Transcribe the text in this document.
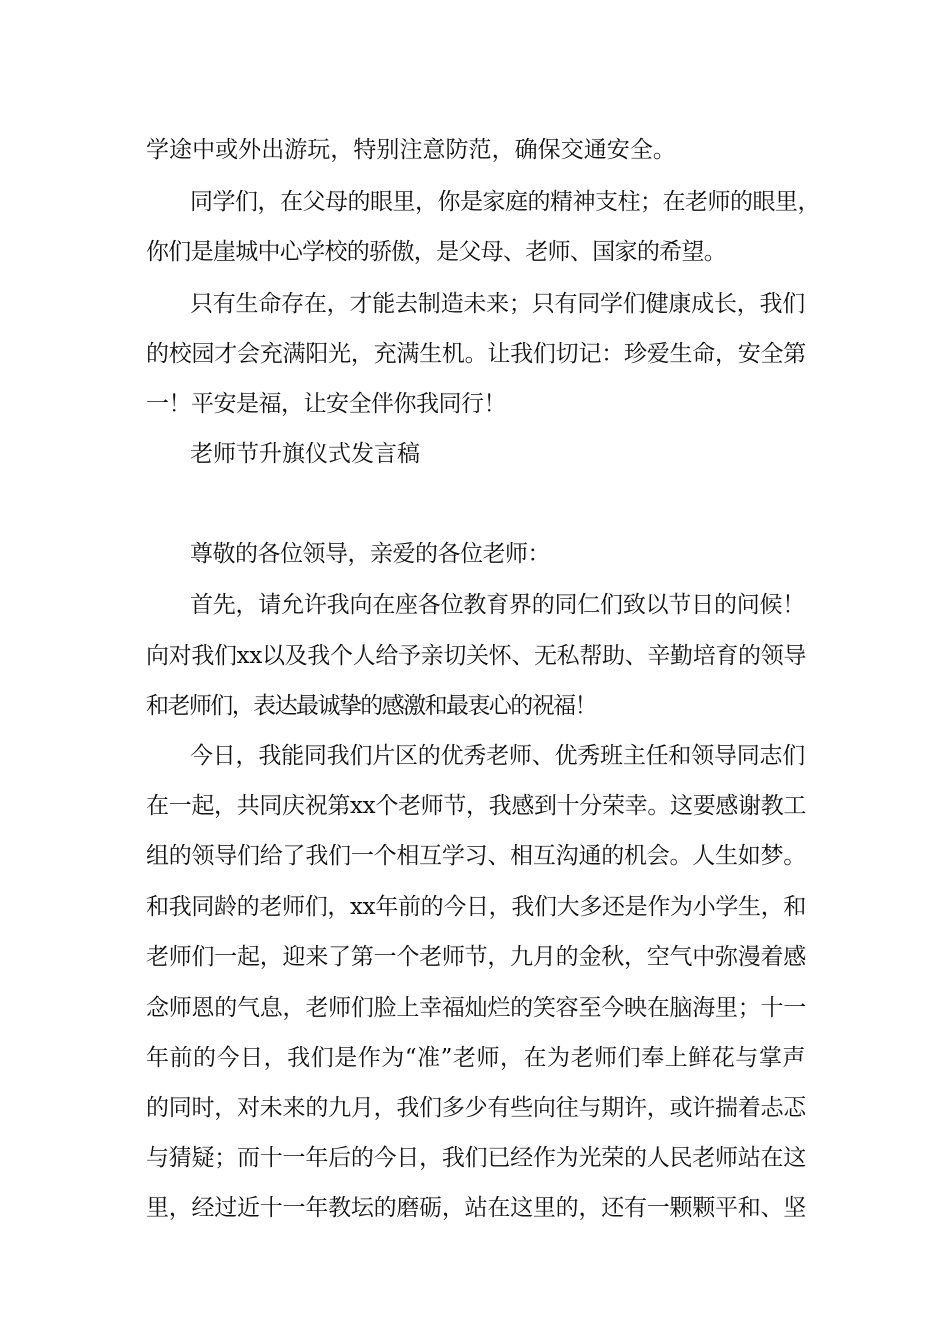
学途中或外出游玩，特别注意防范，确保交通安全。
同学们，在父母的眼里，你是家庭的精神支柱；在老师的眼里，
你们是崖城中心学校的骄傲，是父母、老师、国家的希望。
只有生命存在，才能去制造未来；只有同学们健康成长，我们
的校园才会充满阳光，充满生机。让我们切记：珍爱生命，安全第
一！平安是福，让安全伴你我同行！
老师节升旗仪式发言稿
尊敬的各位领导，亲爱的各位老师：
首先，请允许我向在座各位教育界的同仁们致以节日的问候！
向对我们xx以及我个人给予亲切关怀、无私帮助、辛勤培育的领导
和老师们，表达最诚挚的感激和最衷心的祝福！
今日，我能同我们片区的优秀老师、优秀班主任和领导同志们
在一起，共同庆祝第xx个老师节，我感到十分荣幸。这要感谢教工
组的领导们给了我们一个相互学习、相互沟通的机会。人生如梦。
和我同龄的老师们，xx年前的今日，我们大多还是作为小学生，和
老师们一起，迎来了第一个老师节，九月的金秋，空气中弥漫着感
念师恩的气息，老师们脸上幸福灿烂的笑容至今映在脑海里；十一
年前的今日，我们是作为“准”老师，在为老师们奉上鲜花与掌声
的同时，对未来的九月，我们多少有些向往与期许，或许揣着忐忑
与猜疑；而十一年后的今日，我们已经作为光荣的人民老师站在这
里，经过近十一年教坛的磨砺，站在这里的，还有一颗颗平和、坚
